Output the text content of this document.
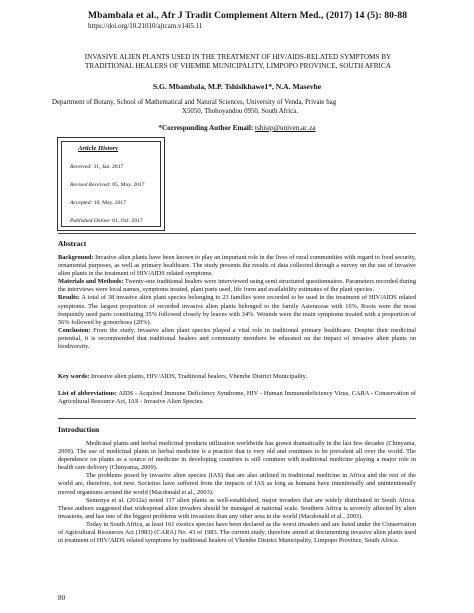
Mbambala et al., Afr J Tradit Complement Altern Med., (2017) 14 (5): 80-88
https://doi.org/10.21010/ajtcam.v14i5.11
INVASIVE ALIEN PLANTS USED IN THE TREATMENT OF HIV/AIDS-RELATED SYMPTOMS BY
TRADITIONAL HEALERS OF VHEMBE MUNICIPALITY, LIMPOPO PROVINCE, SOUTH AFRICA
S.G. Mbambala, M.P. Tshisikhawe1*, N.A. Masevhe
Department of Botany, School of Mathematical and Natural Sciences, University of Venda, Private bag
X5050, Thohoyandou 0950, South Africa.
*Corresponding Author Email: tshisip@univen.ac.za
Article History
Received: 31, Jan. 2017
Revised Received: 05, May. 2017
Accepted: 10, May. 2017
Published Online: 01, Oct. 2017
Abstract

Background: Invasive alien plants have been known to play an important role in the lives of rural communities with regard to food security, ornamental purposes, as well as primary healthcare. The study presents the results of data collected through a survey on the use of invasive alien plants in the treatment of HIV/AIDS related symptoms.

Materials and Methods: Twenty-one traditional healers were interviewed using semi structured questionnaires. Parameters recorded during the interviews were local names, symptoms treated, plant parts used, life form and availability estimates of the plant species.

Results: A total of 38 invasive alien plant species belonging to 23 families were recorded to be used in the treatment of HIV/AIDS related symptoms. The largest proportion of recorded invasive alien plants belonged to the family Asteraceae with 16%. Roots were the most frequently used parts constituting 35% followed closely by leaves with 34%. Wounds were the main symptoms treated with a proportion of 56% followed by gonorrhoea (20%).

Conclusion: From the study, invasive alien plant species played a vital role in traditional primary healthcare. Despite their medicinal potential, it is recommended that traditional healers and community members be educated on the impact of invasive alien plants on biodiversity.

Key words: Invasive alien plants, HIV/AIDS, Traditional healers, Vhembe District Municipality.
List of abbreviations: AIDS - Acquired Immune Deficiency Syndrome, HIV - Human Immunodeficiency Virus, CARA - Conservation of Agricultural Resource Act, IAS - Invasive Alien Species.
Introduction

Medicinal plants and herbal medicinal products utilization worldwide has grown dramatically in the last few decades (Chinyama, 2009). The use of medicinal plants in herbal medicine is a practice that is very old and continues to be prevalent all over the world. The dependence on plants as a source of medicine in developing countries is still common with traditional medicine playing a major role in health care delivery (Chinyama, 2009).

The problems posed by invasive alien species (IAS) that are also utilized in traditional medicine in Africa and the rest of the world are, therefore, not new. Societies have suffered from the impacts of IAS as long as humans have intentionally and unintentionally moved organisms around the world (Macdonald et al., 2003).

Semenya et al. (2012a) noted 117 alien plants as well-established, major invaders that are widely distributed in South Africa. These authors suggested that widespread alien invaders should be managed at national scale. Southern Africa is severely affected by alien invasions, and has one of the biggest problems with invasions than any other area in the world (Macdonald et al., 2003).

Today in South Africa, at least 161 exotics species have been declared as the worst invaders and are listed under the Conservation of Agricultural Resources Act (1983) (CARA) No. 43 of 1983. The current study, therefore aimed at documenting invasive alien plants used in treatment of HIV/AIDS related symptoms by traditional healers of Vhembe District Municipality, Limpopo Province, South Africa.

80
